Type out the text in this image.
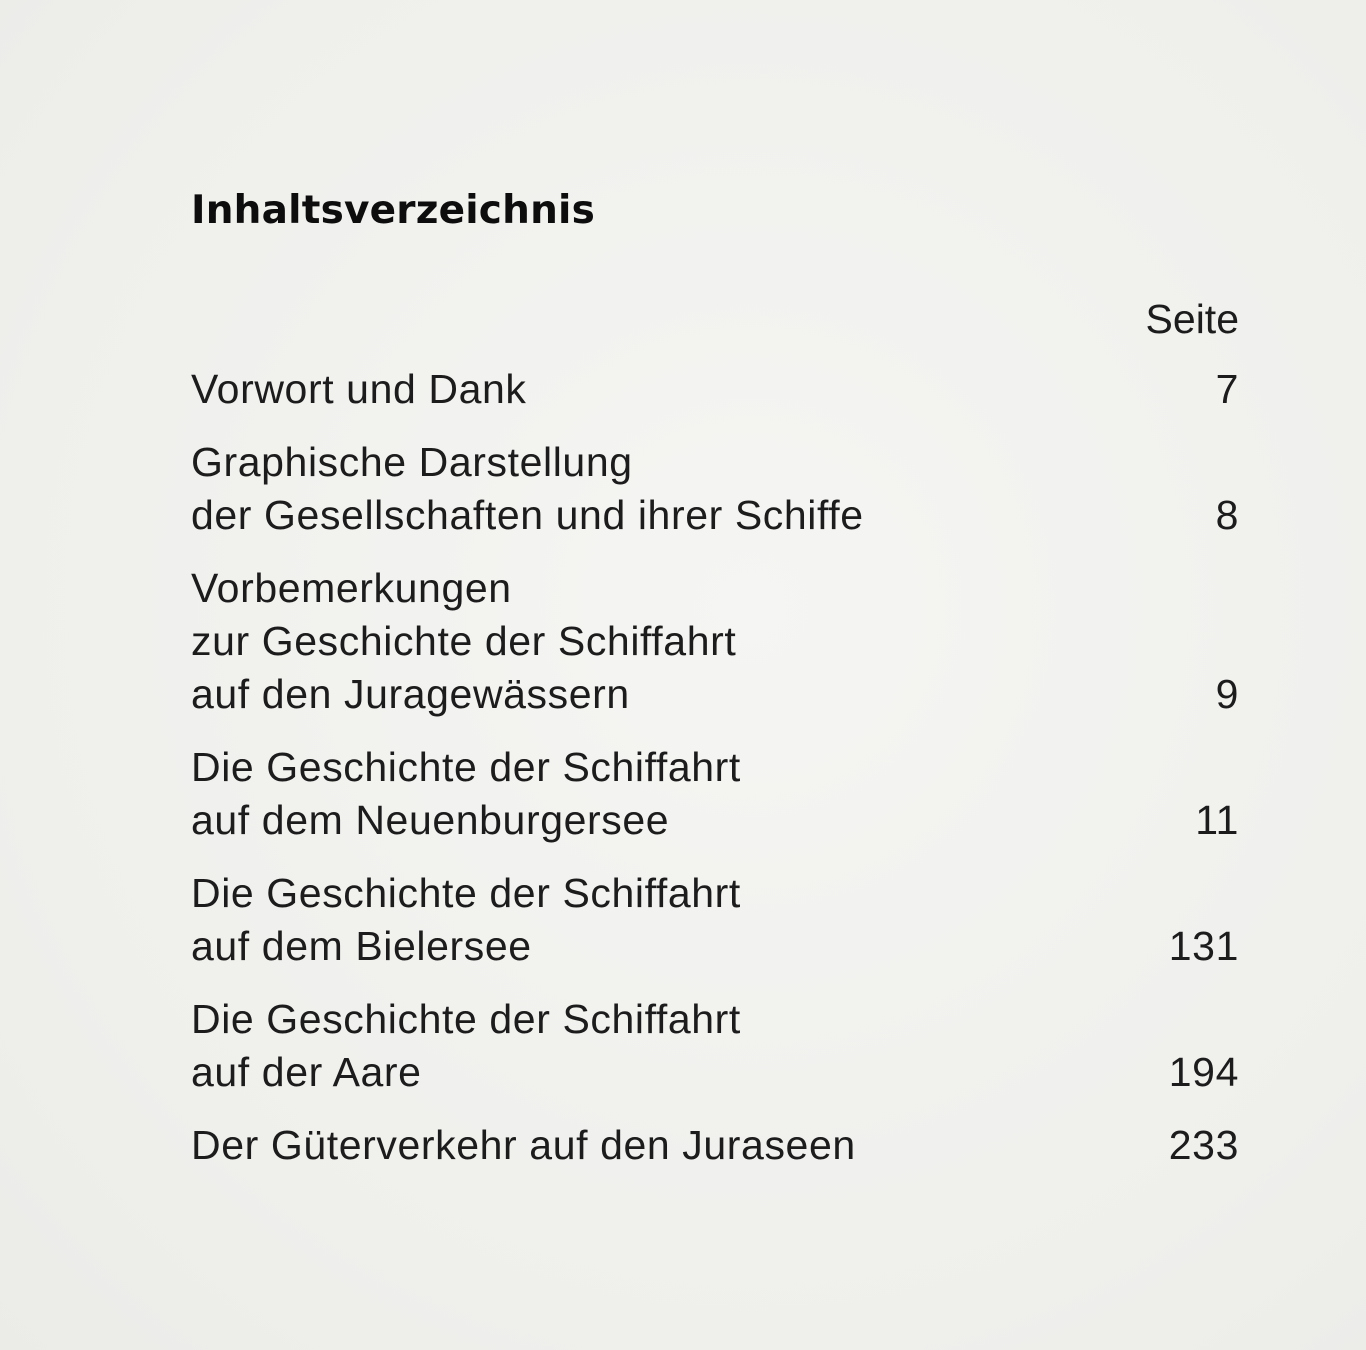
Inhaltsverzeichnis
Seite
Vorwort und Dank	7
Graphische Darstellung
der Gesellschaften und ihrer Schiffe	8
Vorbemerkungen
zur Geschichte der Schiffahrt
auf den Juragewässern	9
Die Geschichte der Schiffahrt
auf dem Neuenburgersee	11
Die Geschichte der Schiffahrt
auf dem Bielersee	131
Die Geschichte der Schiffahrt
auf der Aare	194
Der Güterverkehr auf den Juraseen	233
